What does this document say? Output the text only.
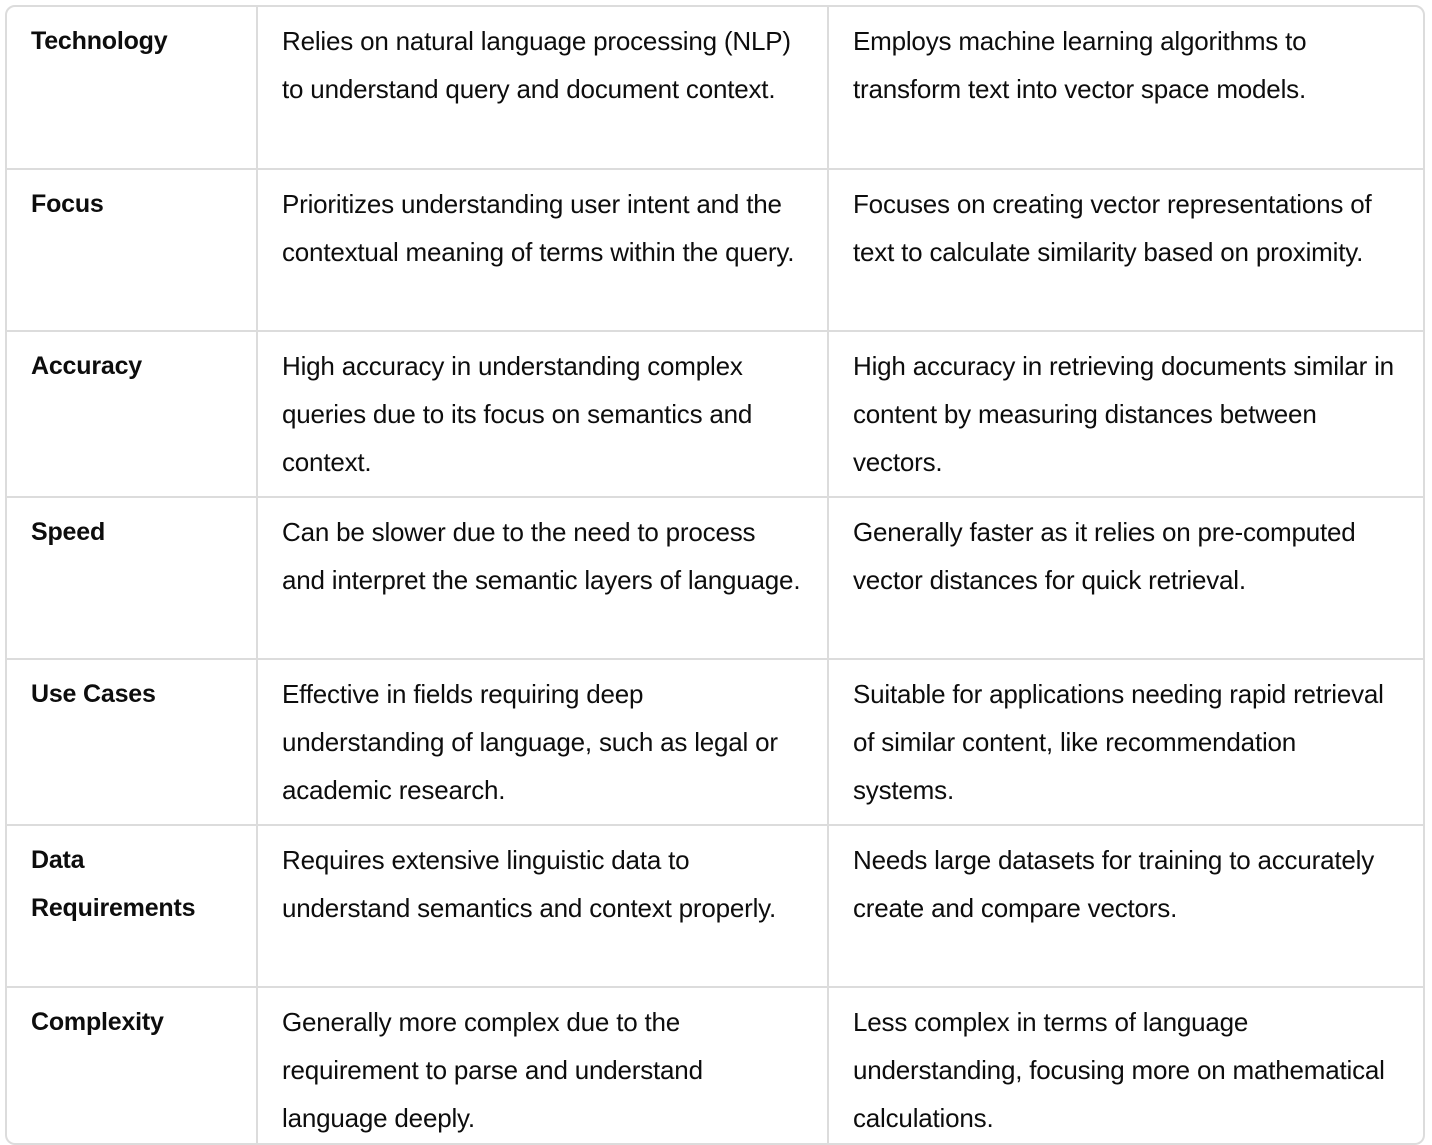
Technology	Relies on natural language processing (NLP) to understand query and document context.	Employs machine learning algorithms to transform text into vector space models.
Focus	Prioritizes understanding user intent and the contextual meaning of terms within the query.	Focuses on creating vector representations of text to calculate similarity based on proximity.
Accuracy	High accuracy in understanding complex queries due to its focus on semantics and context.	High accuracy in retrieving documents similar in content by measuring distances between vectors.
Speed	Can be slower due to the need to process and interpret the semantic layers of language.	Generally faster as it relies on pre-computed vector distances for quick retrieval.
Use Cases	Effective in fields requiring deep understanding of language, such as legal or academic research.	Suitable for applications needing rapid retrieval of similar content, like recommendation systems.
Data Requirements	Requires extensive linguistic data to understand semantics and context properly.	Needs large datasets for training to accurately create and compare vectors.
Complexity	Generally more complex due to the requirement to parse and understand language deeply.	Less complex in terms of language understanding, focusing more on mathematical calculations.
